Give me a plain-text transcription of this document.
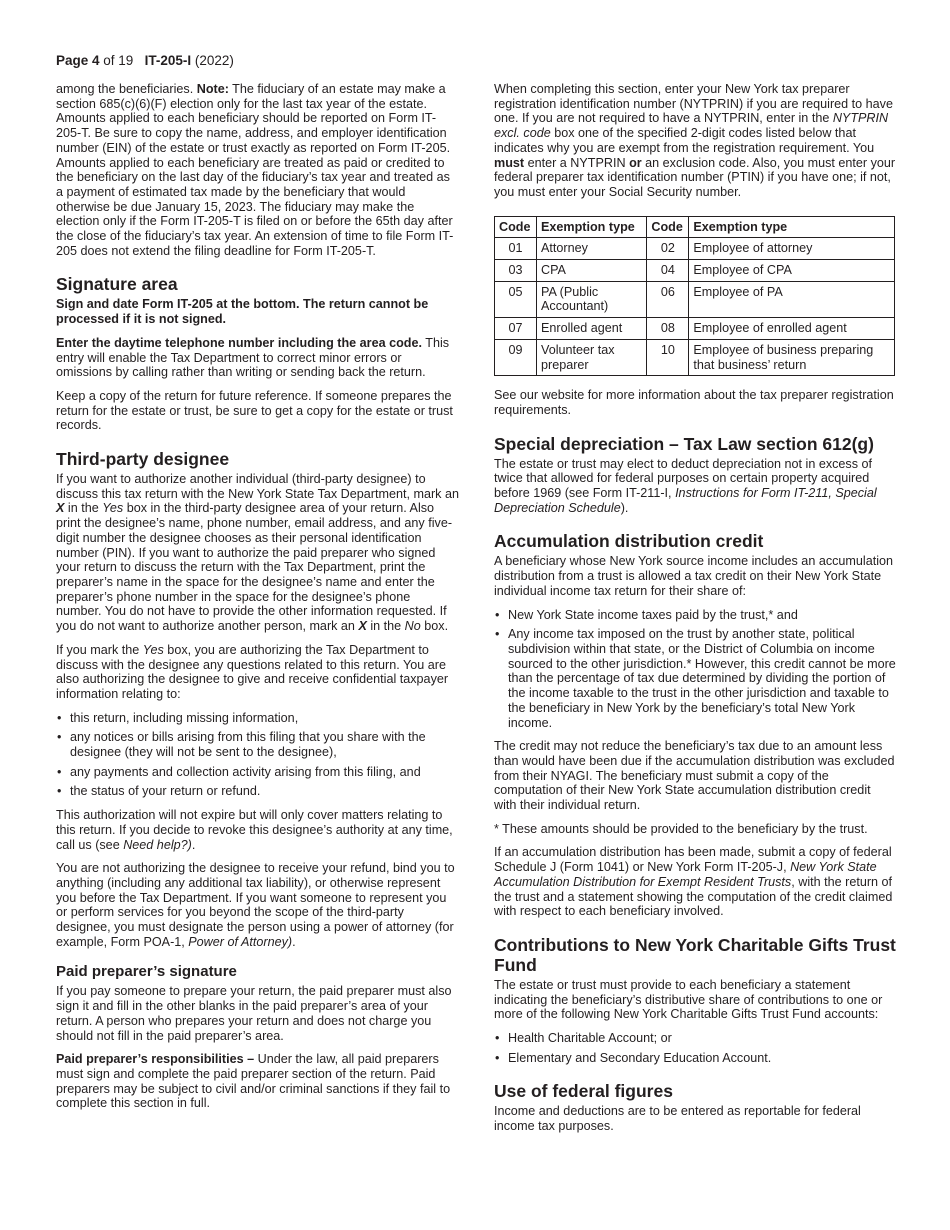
Page 4 of 19 IT-205-I (2022)

among the beneficiaries. Note: The fiduciary of an estate may make a section 685(c)(6)(F) election only for the last tax year of the estate. Amounts applied to each beneficiary should be reported on Form IT-205-T. Be sure to copy the name, address, and employer identification number (EIN) of the estate or trust exactly as reported on Form IT-205. Amounts applied to each beneficiary are treated as paid or credited to the beneficiary on the last day of the fiduciary’s tax year and treated as a payment of estimated tax made by the beneficiary that would otherwise be due January 15, 2023. The fiduciary may make the election only if the Form IT-205-T is filed on or before the 65th day after the close of the fiduciary’s tax year. An extension of time to file Form IT-205 does not extend the filing deadline for Form IT-205-T.

Signature area

Sign and date Form IT-205 at the bottom. The return cannot be processed if it is not signed.

Enter the daytime telephone number including the area code. This entry will enable the Tax Department to correct minor errors or omissions by calling rather than writing or sending back the return.

Keep a copy of the return for future reference. If someone prepares the return for the estate or trust, be sure to get a copy for the estate or trust records.

Third-party designee

If you want to authorize another individual (third-party designee) to discuss this tax return with the New York State Tax Department, mark an X in the Yes box in the third-party designee area of your return. Also print the designee’s name, phone number, email address, and any five-digit number the designee chooses as their personal identification number (PIN). If you want to authorize the paid preparer who signed your return to discuss the return with the Tax Department, print the preparer’s name in the space for the designee’s name and enter the preparer’s phone number in the space for the designee’s phone number. You do not have to provide the other information requested. If you do not want to authorize another person, mark an X in the No box.

If you mark the Yes box, you are authorizing the Tax Department to discuss with the designee any questions related to this return. You are also authorizing the designee to give and receive confidential taxpayer information relating to:

• this return, including missing information,
• any notices or bills arising from this filing that you share with the designee (they will not be sent to the designee),
• any payments and collection activity arising from this filing, and
• the status of your return or refund.

This authorization will not expire but will only cover matters relating to this return. If you decide to revoke this designee’s authority at any time, call us (see Need help?).

You are not authorizing the designee to receive your refund, bind you to anything (including any additional tax liability), or otherwise represent you before the Tax Department. If you want someone to represent you or perform services for you beyond the scope of the third-party designee, you must designate the person using a power of attorney (for example, Form POA-1, Power of Attorney).

Paid preparer’s signature

If you pay someone to prepare your return, the paid preparer must also sign it and fill in the other blanks in the paid preparer’s area of your return. A person who prepares your return and does not charge you should not fill in the paid preparer’s area.

Paid preparer’s responsibilities – Under the law, all paid preparers must sign and complete the paid preparer section of the return. Paid preparers may be subject to civil and/or criminal sanctions if they fail to complete this section in full.

When completing this section, enter your New York tax preparer registration identification number (NYTPRIN) if you are required to have one. If you are not required to have a NYTPRIN, enter in the NYTPRIN excl. code box one of the specified 2-digit codes listed below that indicates why you are exempt from the registration requirement. You must enter a NYTPRIN or an exclusion code. Also, you must enter your federal preparer tax identification number (PTIN) if you have one; if not, you must enter your Social Security number.

Code	Exemption type	Code	Exemption type
01	Attorney	02	Employee of attorney
03	CPA	04	Employee of CPA
05	PA (Public Accountant)	06	Employee of PA
07	Enrolled agent	08	Employee of enrolled agent
09	Volunteer tax preparer	10	Employee of business preparing that business’ return

See our website for more information about the tax preparer registration requirements.

Special depreciation – Tax Law section 612(g)

The estate or trust may elect to deduct depreciation not in excess of twice that allowed for federal purposes on certain property acquired before 1969 (see Form IT-211-I, Instructions for Form IT-211, Special Depreciation Schedule).

Accumulation distribution credit

A beneficiary whose New York source income includes an accumulation distribution from a trust is allowed a tax credit on their New York State individual income tax return for their share of:

• New York State income taxes paid by the trust,* and
• Any income tax imposed on the trust by another state, political subdivision within that state, or the District of Columbia on income sourced to the other jurisdiction.* However, this credit cannot be more than the percentage of tax due determined by dividing the portion of the income taxable to the trust in the other jurisdiction and taxable to the beneficiary in New York by the beneficiary’s total New York income.

The credit may not reduce the beneficiary’s tax due to an amount less than would have been due if the accumulation distribution was excluded from their NYAGI. The beneficiary must submit a copy of the computation of their New York State accumulation distribution credit with their individual return.

* These amounts should be provided to the beneficiary by the trust.

If an accumulation distribution has been made, submit a copy of federal Schedule J (Form 1041) or New York Form IT-205-J, New York State Accumulation Distribution for Exempt Resident Trusts, with the return of the trust and a statement showing the computation of the credit claimed with respect to each beneficiary involved.

Contributions to New York Charitable Gifts Trust Fund

The estate or trust must provide to each beneficiary a statement indicating the beneficiary’s distributive share of contributions to one or more of the following New York Charitable Gifts Trust Fund accounts:

• Health Charitable Account; or
• Elementary and Secondary Education Account.
Use of federal figures

Income and deductions are to be entered as reportable for federal income tax purposes.
